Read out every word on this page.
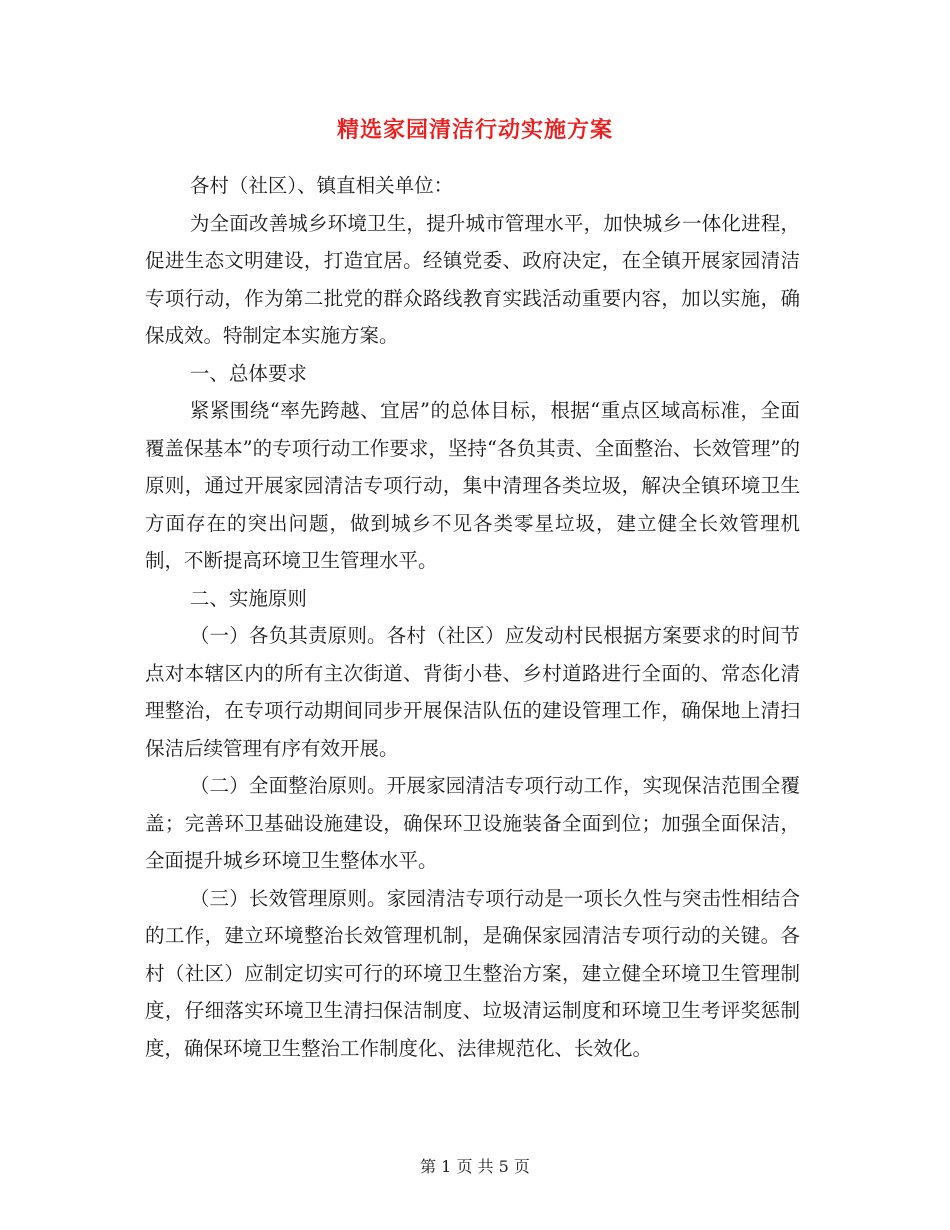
精选家园清洁行动实施方案

各村（社区）、镇直相关单位：

为全面改善城乡环境卫生，提升城市管理水平，加快城乡一体化进程，促进生态文明建设，打造宜居。经镇党委、政府决定，在全镇开展家园清洁专项行动，作为第二批党的群众路线教育实践活动重要内容，加以实施，确保成效。特制定本实施方案。

一、总体要求

紧紧围绕“率先跨越、宜居”的总体目标，根据“重点区域高标准，全面覆盖保基本”的专项行动工作要求，坚持“各负其责、全面整治、长效管理”的原则，通过开展家园清洁专项行动，集中清理各类垃圾，解决全镇环境卫生方面存在的突出问题，做到城乡不见各类零星垃圾，建立健全长效管理机制，不断提高环境卫生管理水平。

二、实施原则

（一）各负其责原则。各村（社区）应发动村民根据方案要求的时间节点对本辖区内的所有主次街道、背街小巷、乡村道路进行全面的、常态化清理整治，在专项行动期间同步开展保洁队伍的建设管理工作，确保地上清扫保洁后续管理有序有效开展。

（二）全面整治原则。开展家园清洁专项行动工作，实现保洁范围全覆盖；完善环卫基础设施建设，确保环卫设施装备全面到位；加强全面保洁，全面提升城乡环境卫生整体水平。

（三）长效管理原则。家园清洁专项行动是一项长久性与突击性相结合的工作，建立环境整治长效管理机制，是确保家园清洁专项行动的关键。各村（社区）应制定切实可行的环境卫生整治方案，建立健全环境卫生管理制度，仔细落实环境卫生清扫保洁制度、垃圾清运制度和环境卫生考评奖惩制度，确保环境卫生整治工作制度化、法律规范化、长效化。

第 1 页 共 5 页
